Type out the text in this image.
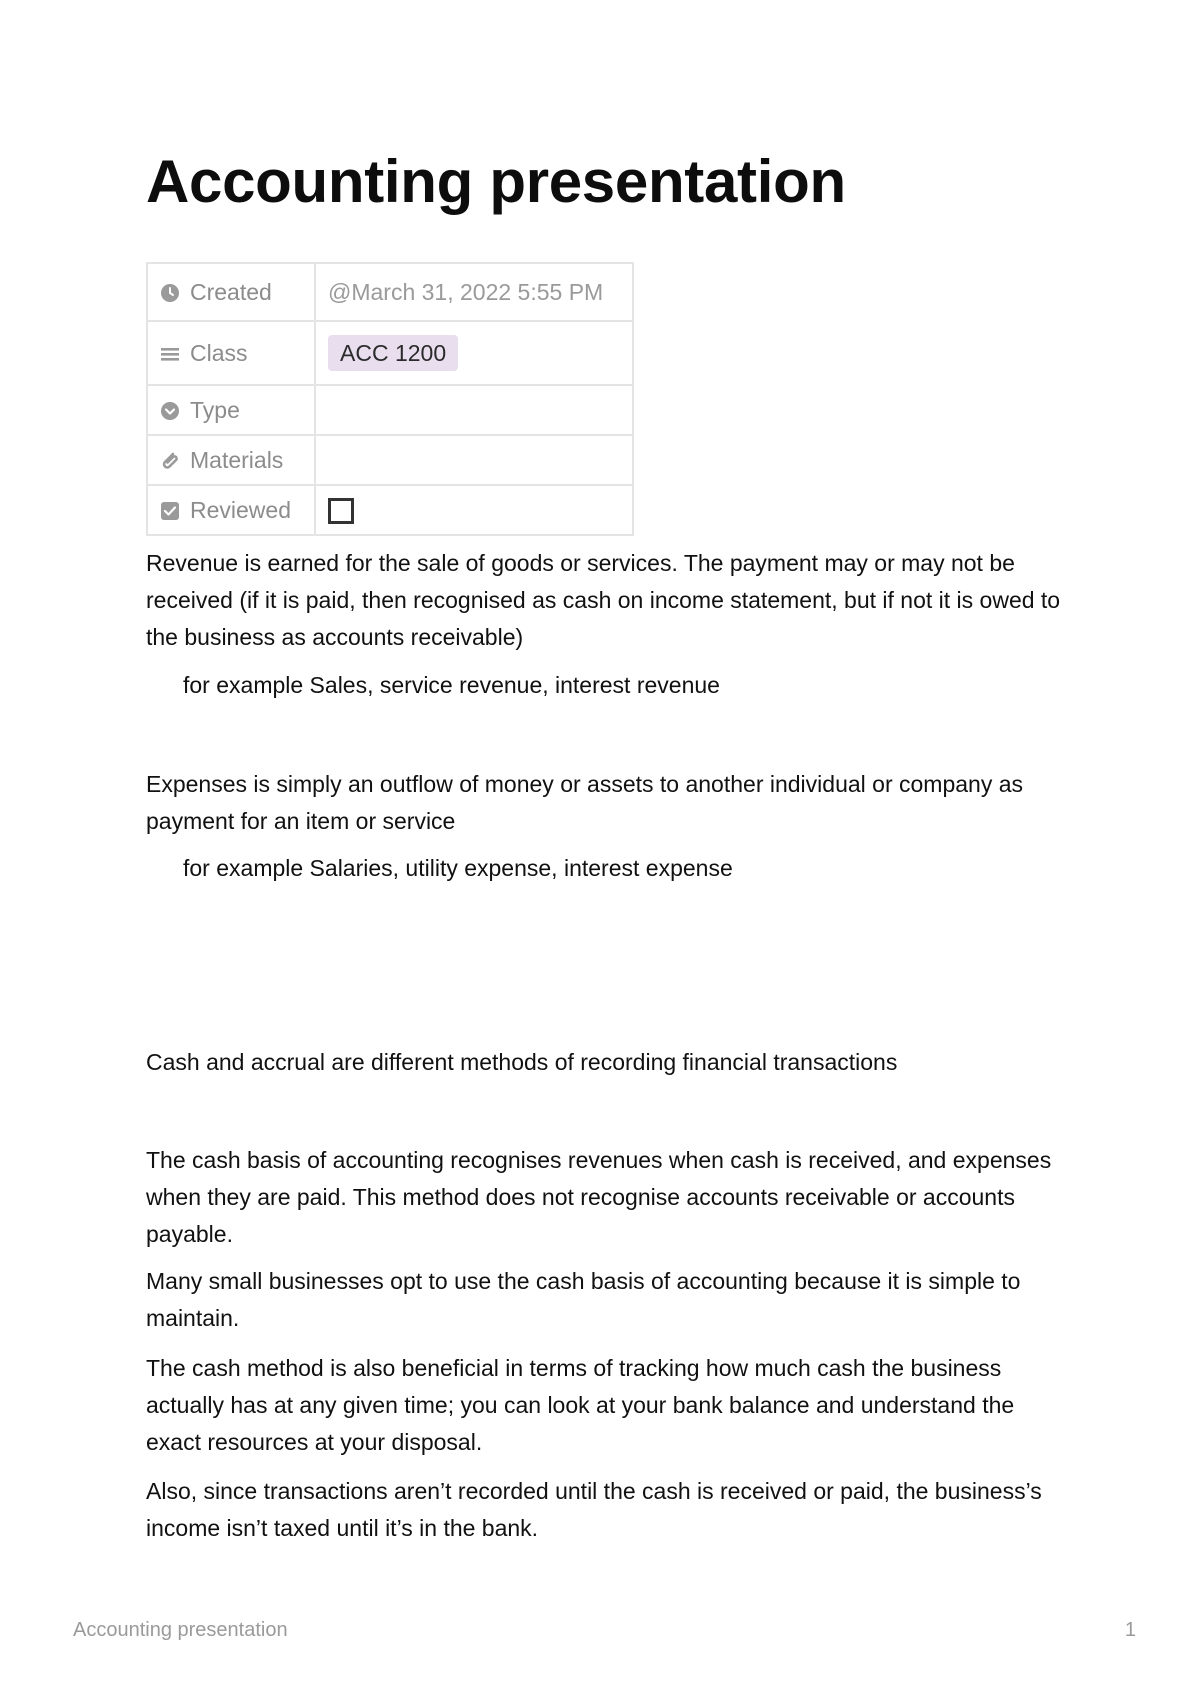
Accounting presentation
Created	@March 31, 2022 5:55 PM
Class	ACC 1200
Type	
Materials	
Reviewed	

Revenue is earned for the sale of goods or services. The payment may or may not be received (if it is paid, then recognised as cash on income statement, but if not it is owed to the business as accounts receivable)

for example Sales, service revenue, interest revenue

Expenses is simply an outflow of money or assets to another individual or company as payment for an item or service

for example Salaries, utility expense, interest expense

Cash and accrual are different methods of recording financial transactions

The cash basis of accounting recognises revenues when cash is received, and expenses when they are paid. This method does not recognise accounts receivable or accounts payable.

Many small businesses opt to use the cash basis of accounting because it is simple to maintain.

The cash method is also beneficial in terms of tracking how much cash the business actually has at any given time; you can look at your bank balance and understand the exact resources at your disposal.

Also, since transactions aren’t recorded until the cash is received or paid, the business’s income isn’t taxed until it’s in the bank.

Accounting presentation	1
